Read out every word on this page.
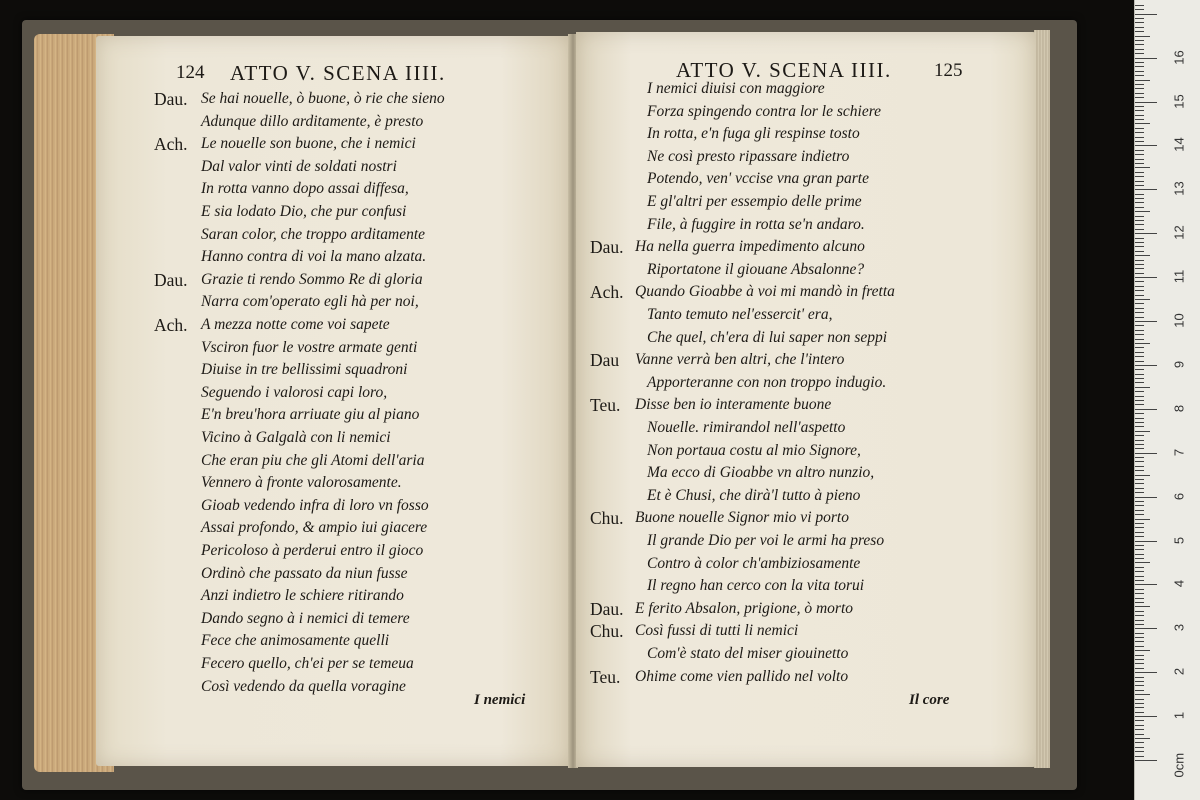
124 ATTO V. SCENA IIII.
Dau. Se hai nouelle, ò buone, ò rie che sieno
Adunque dillo arditamente, è presto
Ach. Le nouelle son buone, che i nemici
Dal valor vinti de soldati nostri
In rotta vanno dopo assai diffesa,
E sia lodato Dio, che pur confusi
Saran color, che troppo arditamente
Hanno contra di voi la mano alzata.
Dau. Grazie ti rendo Sommo Re di gloria
Narra com'operato egli hà per noi,
Ach. A mezza notte come voi sapete
Vsciron fuor le vostre armate genti
Diuise in tre bellissimi squadroni
Seguendo i valorosi capi loro,
E'n breu'hora arriuate giu al piano
Vicino à Galgalà con li nemici
Che eran piu che gli Atomi dell'aria
Vennero à fronte valorosamente.
Gioab vedendo infra di loro vn fosso
Assai profondo, & ampio iui giacere
Pericoloso à perderui entro il gioco
Ordinò che passato da niun fusse
Anzi indietro le schiere ritirando
Dando segno à i nemici di temere
Fece che animosamente quelli
Fecero quello, ch'ei per se temeua
Così vedendo da quella voragine
I nemici
ATTO V. SCENA IIII. 125
I nemici diuisi con maggiore
Forza spingendo contra lor le schiere
In rotta, e'n fuga gli respinse tosto
Ne così presto ripassare indietro
Potendo, ven' vccise vna gran parte
E gl'altri per essempio delle prime
File, à fuggire in rotta se'n andaro.
Dau. Ha nella guerra impedimento alcuno
Riportatone il giouane Absalonne?
Ach. Quando Gioabbe à voi mi mandò in fretta
Tanto temuto nel'essercit' era,
Che quel, ch'era di lui saper non seppi
Dau Vanne verrà ben altri, che l'intero
Apporteranne con non troppo indugio.
Teu. Disse ben io interamente buone
Nouelle. rimirandol nell'aspetto
Non portaua costu al mio Signore,
Ma ecco di Gioabbe vn altro nunzio,
Et è Chusi, che dirà'l tutto à pieno
Chu. Buone nouelle Signor mio vi porto
Il grande Dio per voi le armi ha preso
Contro à color ch'ambiziosamente
Il regno han cerco con la vita torui
Dau. E ferito Absalon, prigione, ò morto
Chu. Così fussi di tutti li nemici
Com'è stato del miser giouinetto
Teu. Ohime come vien pallido nel volto
Il core
0cm
1
2
3
4
5
6
7
8
9
10
11
12
13
14
15
16
